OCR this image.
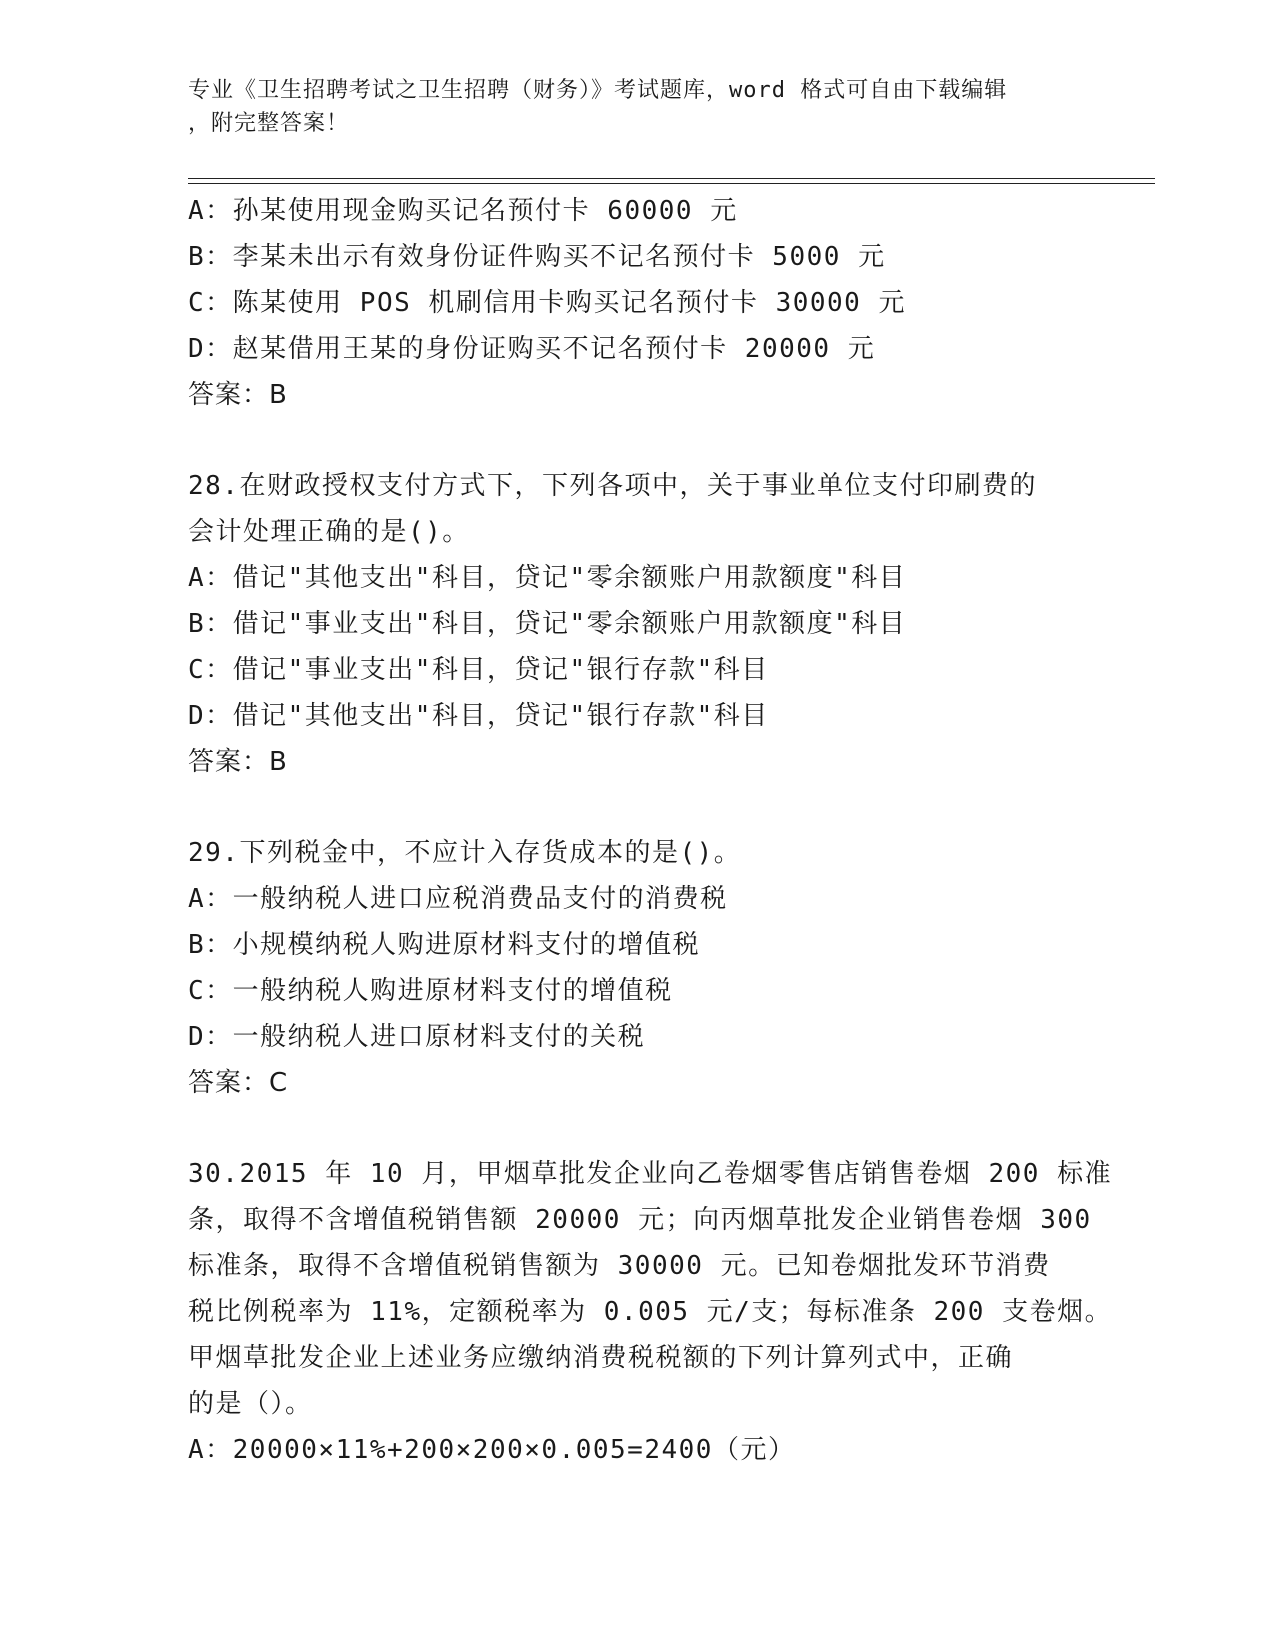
专业《卫生招聘考试之卫生招聘（财务）》考试题库，word 格式可自由下载编辑
，附完整答案！
A：孙某使用现金购买记名预付卡 60000 元
B：李某未出示有效身份证件购买不记名预付卡 5000 元
C：陈某使用 POS 机刷信用卡购买记名预付卡 30000 元
D：赵某借用王某的身份证购买不记名预付卡 20000 元
答案：B
28.在财政授权支付方式下，下列各项中，关于事业单位支付印刷费的
会计处理正确的是()。
A：借记"其他支出"科目，贷记"零余额账户用款额度"科目
B：借记"事业支出"科目，贷记"零余额账户用款额度"科目
C：借记"事业支出"科目，贷记"银行存款"科目
D：借记"其他支出"科目，贷记"银行存款"科目
答案：B
29.下列税金中，不应计入存货成本的是()。
A：一般纳税人进口应税消费品支付的消费税
B：小规模纳税人购进原材料支付的增值税
C：一般纳税人购进原材料支付的增值税
D：一般纳税人进口原材料支付的关税
答案：C
30.2015 年 10 月，甲烟草批发企业向乙卷烟零售店销售卷烟 200 标准
条，取得不含增值税销售额 20000 元；向丙烟草批发企业销售卷烟 300
标准条，取得不含增值税销售额为 30000 元。已知卷烟批发环节消费
税比例税率为 11%，定额税率为 0.005 元/支；每标准条 200 支卷烟。
甲烟草批发企业上述业务应缴纳消费税税额的下列计算列式中，正确
的是（）。
A：20000×11%+200×200×0.005=2400（元）
